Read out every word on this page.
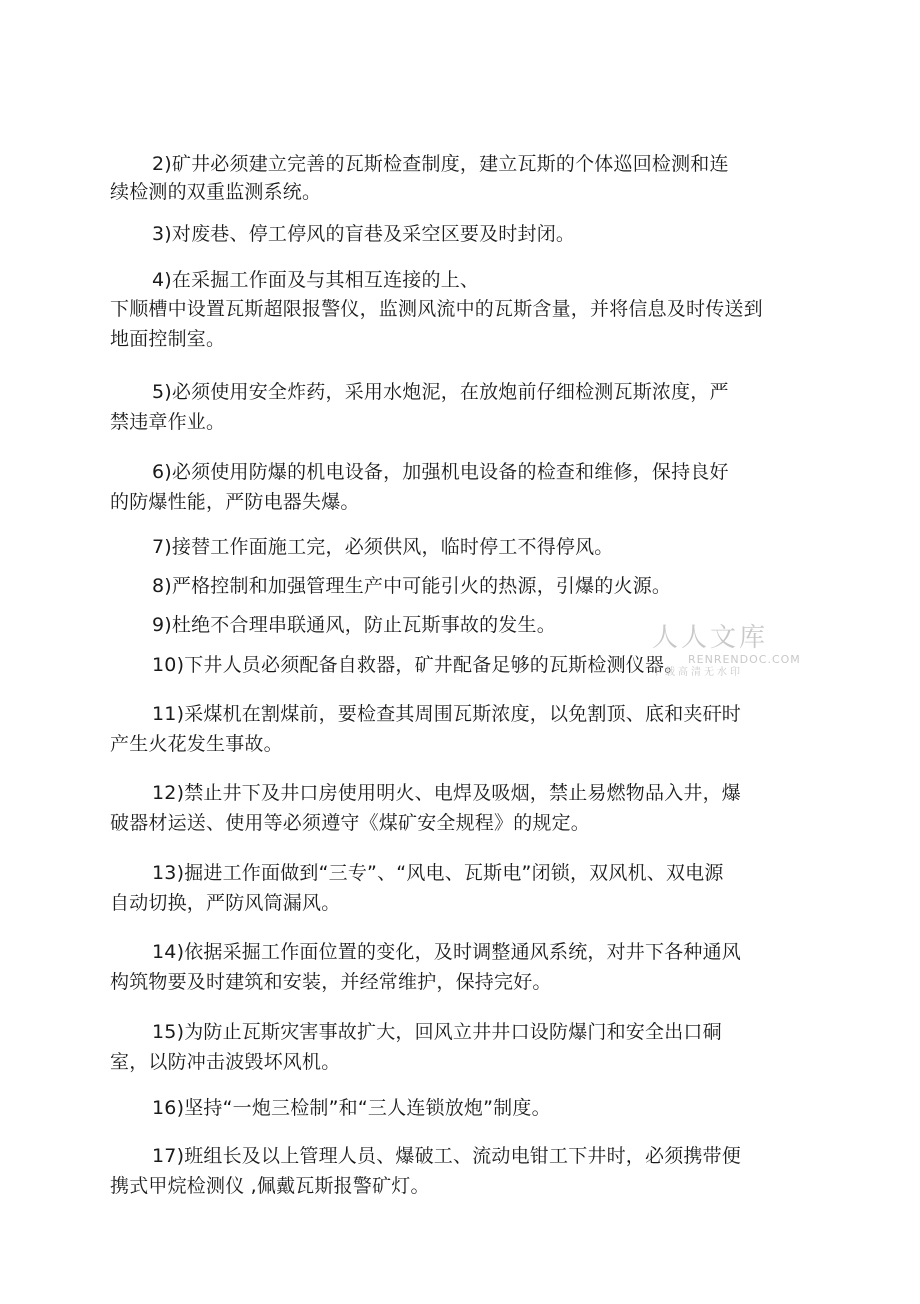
2)矿井必须建立完善的瓦斯检查制度，建立瓦斯的个体巡回检测和连
续检测的双重监测系统。
3)对废巷、停工停风的盲巷及采空区要及时封闭。
4)在采掘工作面及与其相互连接的上、
下顺槽中设置瓦斯超限报警仪，监测风流中的瓦斯含量，并将信息及时传送到
地面控制室。
5)必须使用安全炸药，采用水炮泥，在放炮前仔细检测瓦斯浓度，严
禁违章作业。
6)必须使用防爆的机电设备，加强机电设备的检查和维修，保持良好
的防爆性能，严防电器失爆。
7)接替工作面施工完，必须供风，临时停工不得停风。
8)严格控制和加强管理生产中可能引火的热源，引爆的火源。
9)杜绝不合理串联通风，防止瓦斯事故的发生。
10)下井人员必须配备自救器，矿井配备足够的瓦斯检测仪器。
11)采煤机在割煤前，要检查其周围瓦斯浓度，以免割顶、底和夹矸时
产生火花发生事故。
12)禁止井下及井口房使用明火、电焊及吸烟，禁止易燃物品入井，爆
破器材运送、使用等必须遵守《煤矿安全规程》的规定。
13)掘进工作面做到“三专”、“风电、瓦斯电”闭锁，双风机、双电源
自动切换，严防风筒漏风。
14)依据采掘工作面位置的变化，及时调整通风系统，对井下各种通风
构筑物要及时建筑和安装，并经常维护，保持完好。
15)为防止瓦斯灾害事故扩大，回风立井井口设防爆门和安全出口硐
室，以防冲击波毁坏风机。
16)坚持“一炮三检制”和“三人连锁放炮”制度。
17)班组长及以上管理人员、爆破工、流动电钳工下井时，必须携带便
携式甲烷检测仪 ,佩戴瓦斯报警矿灯。
人人文库
RENRENDOC.COM
下载高清无水印
